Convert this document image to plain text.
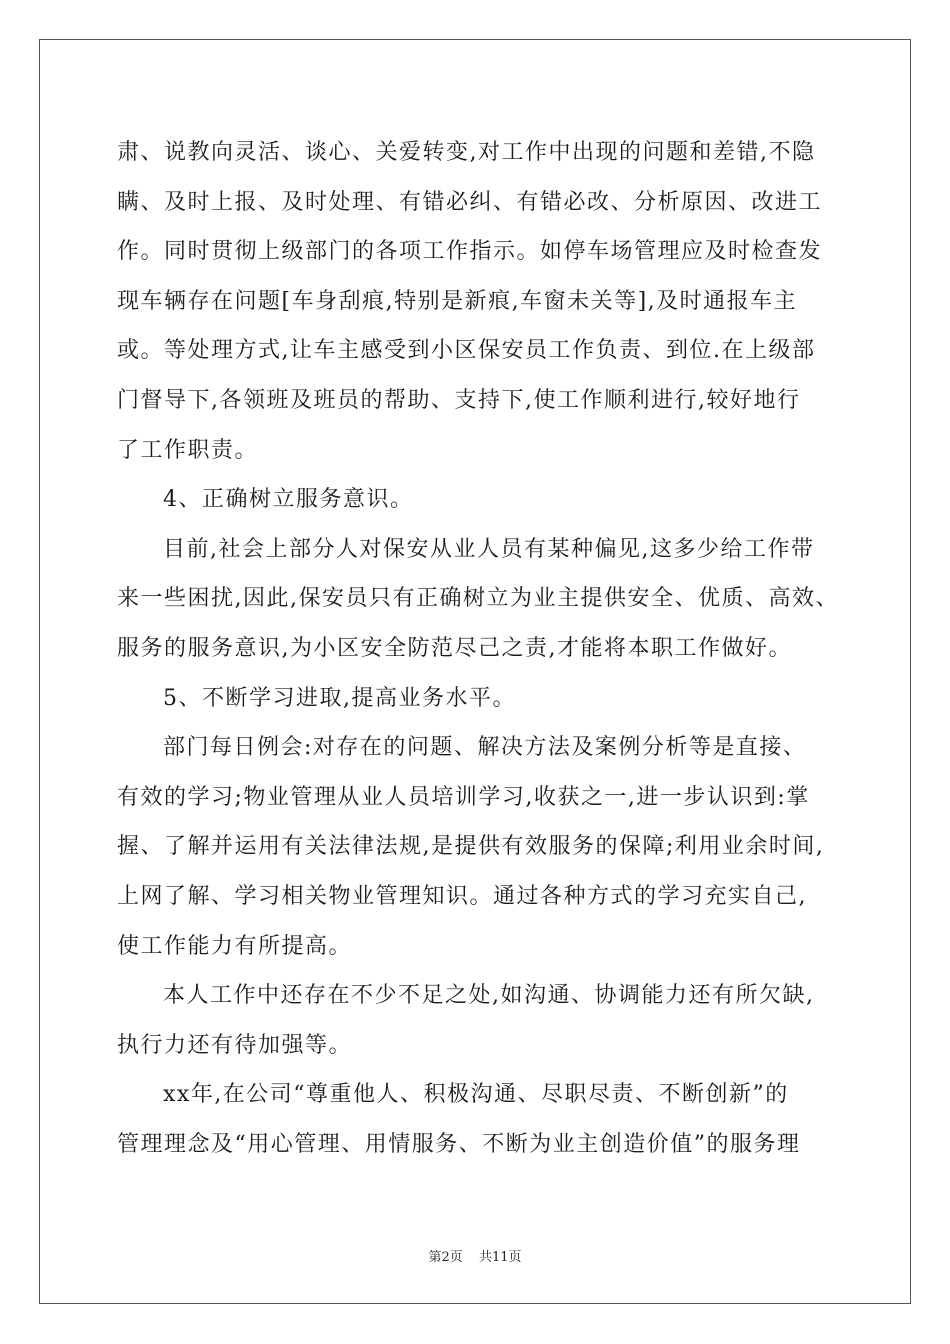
肃、说教向灵活、谈心、关爱转变,对工作中出现的问题和差错,不隐
瞒、及时上报、及时处理、有错必纠、有错必改、分析原因、改进工
作。同时贯彻上级部门的各项工作指示。如停车场管理应及时检查发
现车辆存在问题[车身刮痕,特别是新痕,车窗未关等],及时通报车主
或。等处理方式,让车主感受到小区保安员工作负责、到位.在上级部
门督导下,各领班及班员的帮助、支持下,使工作顺利进行,较好地行
了工作职责。
4、正确树立服务意识。
目前,社会上部分人对保安从业人员有某种偏见,这多少给工作带
来一些困扰,因此,保安员只有正确树立为业主提供安全、优质、高效、
服务的服务意识,为小区安全防范尽己之责,才能将本职工作做好。
5、不断学习进取,提高业务水平。
部门每日例会:对存在的问题、解决方法及案例分析等是直接、
有效的学习;物业管理从业人员培训学习,收获之一,进一步认识到:掌
握、了解并运用有关法律法规,是提供有效服务的保障;利用业余时间,
上网了解、学习相关物业管理知识。通过各种方式的学习充实自己,
使工作能力有所提高。
本人工作中还存在不少不足之处,如沟通、协调能力还有所欠缺,
执行力还有待加强等。
xx年,在公司“尊重他人、积极沟通、尽职尽责、不断创新”的
管理理念及“用心管理、用情服务、不断为业主创造价值”的服务理
第2页 共11页
